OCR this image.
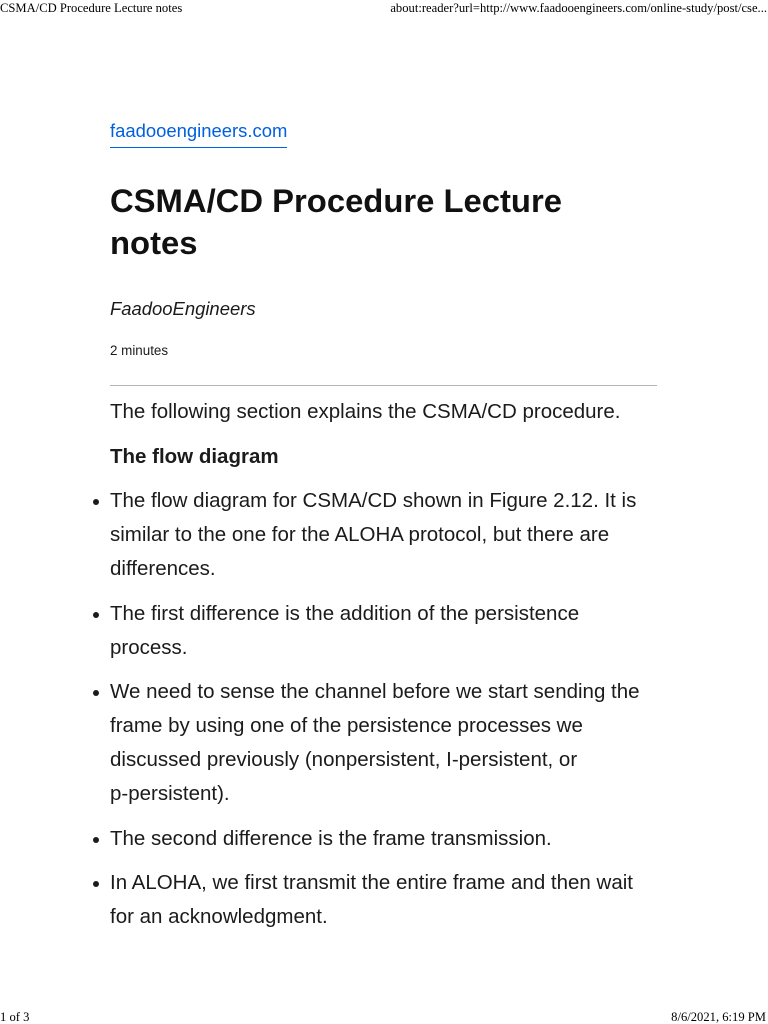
CSMA/CD Procedure Lecture notes	about:reader?url=http://www.faadooengineers.com/online-study/post/cse...
faadooengineers.com
CSMA/CD Procedure Lecture notes
FaadooEngineers
2 minutes

The following section explains the CSMA/CD procedure.

The flow diagram

The flow diagram for CSMA/CD shown in Figure 2.12. It is
similar to the one for the ALOHA protocol, but there are
differences.
The first difference is the addition of the persistence
process.
We need to sense the channel before we start sending the
frame by using one of the persistence processes we
discussed previously (nonpersistent, I-persistent, or
p-persistent).
The second difference is the frame transmission.
In ALOHA, we first transmit the entire frame and then wait
for an acknowledgment.
1 of 3	8/6/2021, 6:19 PM
